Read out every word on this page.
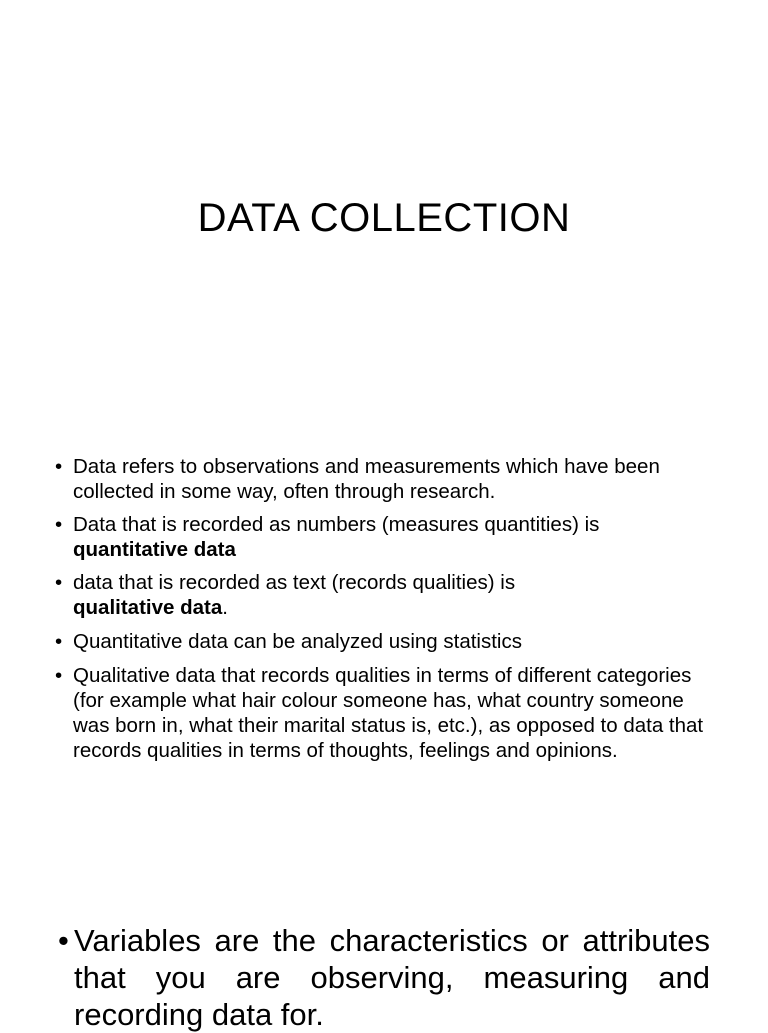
DATA COLLECTION
• Data refers to observations and measurements which have been collected in some way, often through research.
• Data that is recorded as numbers (measures quantities) is
quantitative data
• data that is recorded as text (records qualities) is
qualitative data.
• Quantitative data can be analyzed using statistics
• Qualitative data that records qualities in terms of different categories (for example what hair colour someone has, what country someone was born in, what their marital status is, etc.), as opposed to data that records qualities in terms of thoughts, feelings and opinions.
• Variables are the characteristics or attributes that you are observing, measuring and recording data for.
